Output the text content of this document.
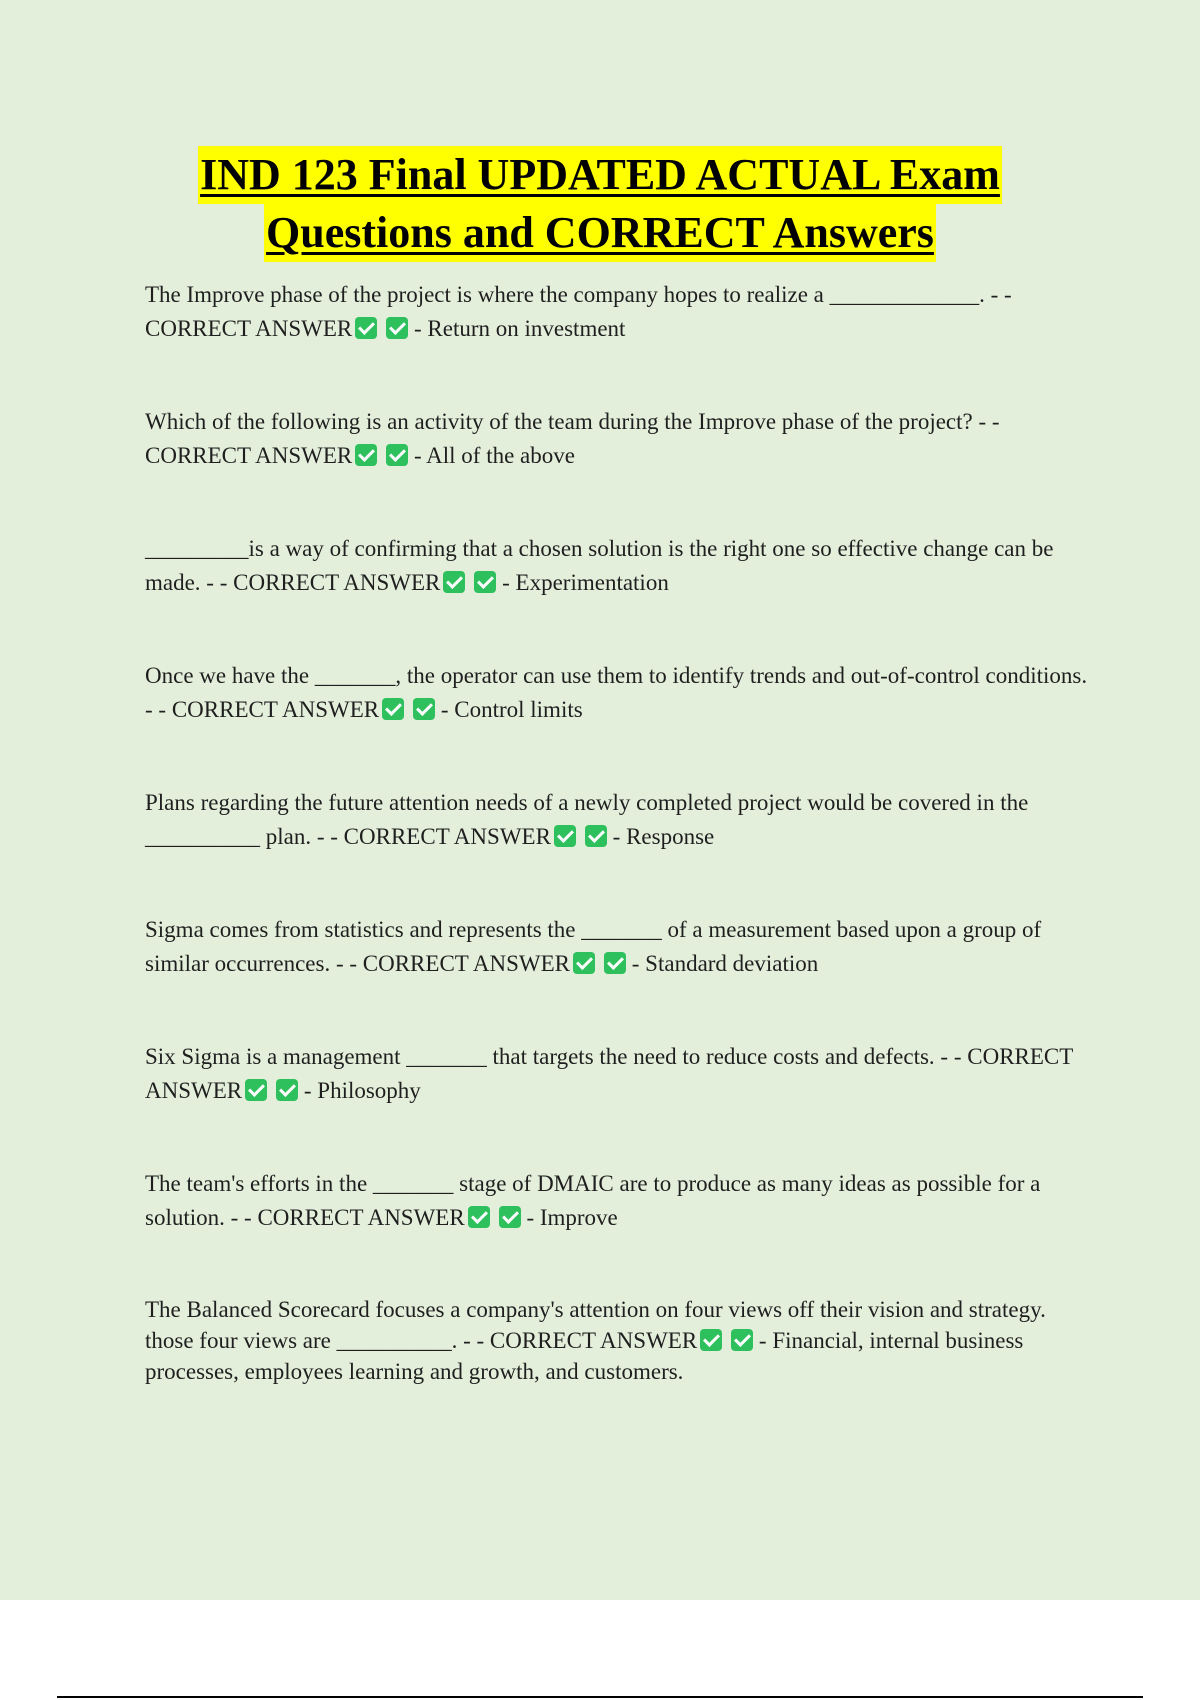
IND 123 Final UPDATED ACTUAL Exam
Questions and CORRECT Answers
The Improve phase of the project is where the company hopes to realize a _____________. - - CORRECT ANSWER	- Return on investment
Which of the following is an activity of the team during the Improve phase of the project? - - CORRECT ANSWER	- All of the above
_________is a way of confirming that a chosen solution is the right one so effective change can be made. - - CORRECT ANSWER	- Experimentation
Once we have the _______, the operator can use them to identify trends and out-of-control conditions. - - CORRECT ANSWER	- Control limits
Plans regarding the future attention needs of a newly completed project would be covered in the __________ plan. - - CORRECT ANSWER	- Response
Sigma comes from statistics and represents the _______ of a measurement based upon a group of similar occurrences. - - CORRECT ANSWER	- Standard deviation
Six Sigma is a management _______ that targets the need to reduce costs and defects. - - CORRECT ANSWER	- Philosophy
The team's efforts in the _______ stage of DMAIC are to produce as many ideas as possible for a solution. - - CORRECT ANSWER	- Improve
The Balanced Scorecard focuses a company's attention on four views off their vision and strategy. those four views are __________. - - CORRECT ANSWER	- Financial, internal business processes, employees learning and growth, and customers.
